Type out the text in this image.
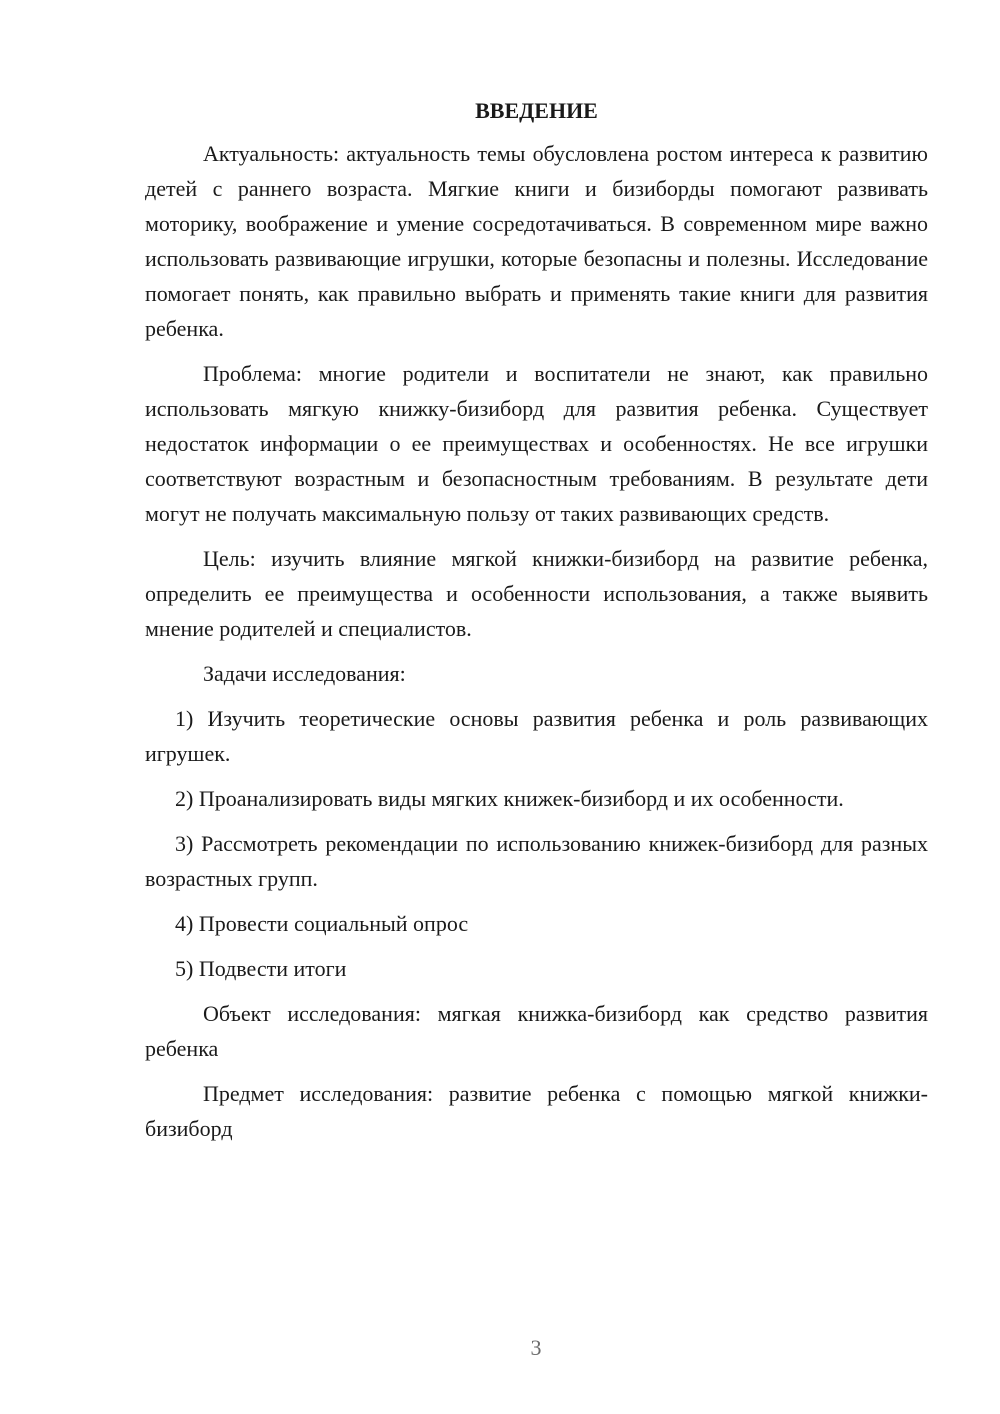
ВВЕДЕНИЕ

Актуальность: актуальность темы обусловлена ростом интереса к развитию детей с раннего возраста. Мягкие книги и бизиборды помогают развивать моторику, воображение и умение сосредотачиваться. В современном мире важно использовать развивающие игрушки, которые безопасны и полезны. Исследование помогает понять, как правильно выбрать и применять такие книги для развития ребенка.

Проблема: многие родители и воспитатели не знают, как правильно использовать мягкую книжку-бизиборд для развития ребенка. Существует недостаток информации о ее преимуществах и особенностях. Не все игрушки соответствуют возрастным и безопасностным требованиям. В результате дети могут не получать максимальную пользу от таких развивающих средств.

Цель: изучить влияние мягкой книжки-бизиборд на развитие ребенка, определить ее преимущества и особенности использования, а также выявить мнение родителей и специалистов.

Задачи исследования:

1) Изучить теоретические основы развития ребенка и роль развивающих игрушек.

2) Проанализировать виды мягких книжек-бизиборд и их особенности.

3) Рассмотреть рекомендации по использованию книжек-бизиборд для разных возрастных групп.

4) Провести социальный опрос

5) Подвести итоги

Объект исследования: мягкая книжка-бизиборд как средство развития ребенка

Предмет исследования: развитие ребенка с помощью мягкой книжки-бизиборд

3
